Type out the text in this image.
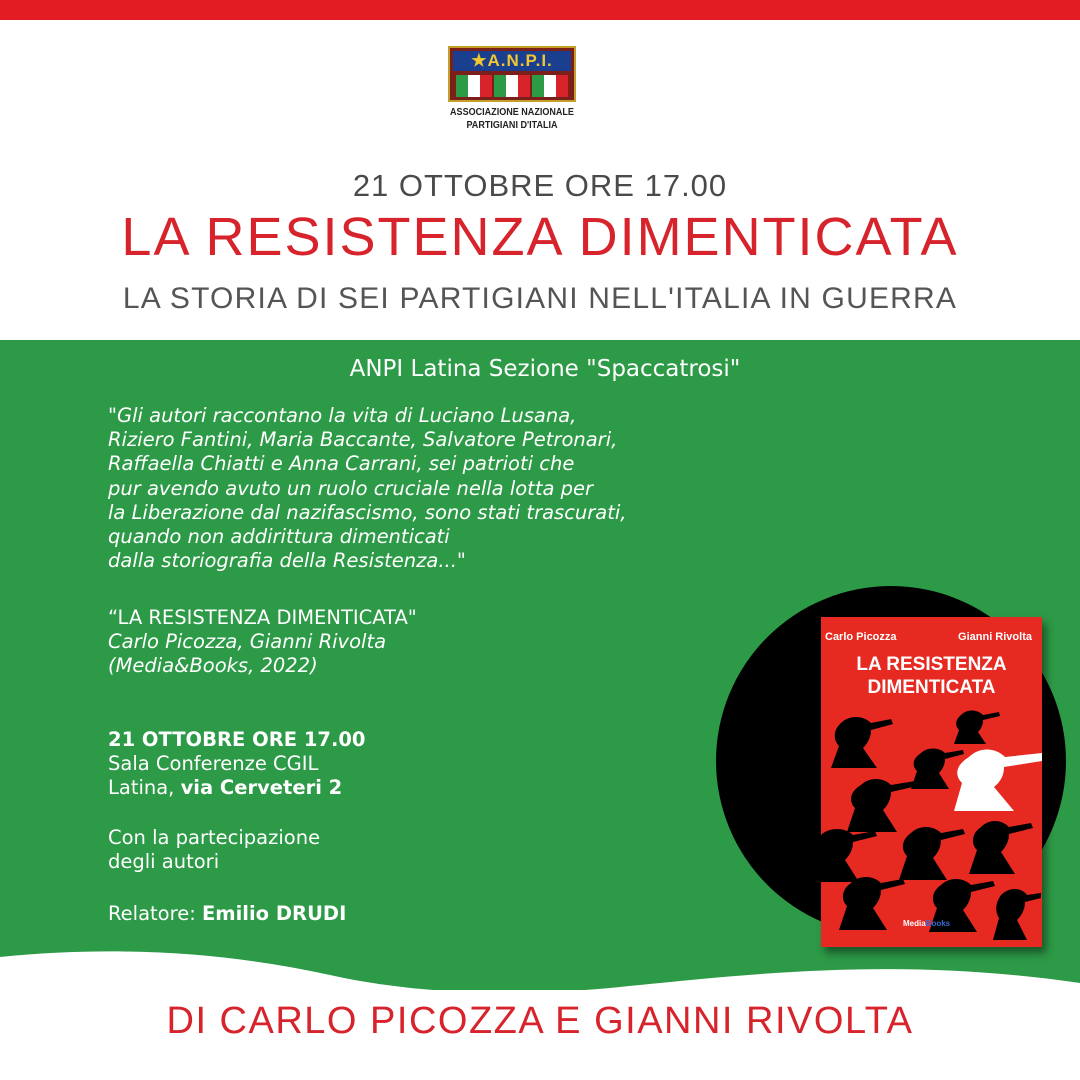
★A.N.P.I.
ASSOCIAZIONE NAZIONALE
PARTIGIANI D'ITALIA
21 OTTOBRE ORE 17.00
LA RESISTENZA DIMENTICATA
LA STORIA DI SEI PARTIGIANI NELL'ITALIA IN GUERRA
ANPI Latina Sezione "Spaccatrosi"
"Gli autori raccontano la vita di Luciano Lusana,
Riziero Fantini, Maria Baccante, Salvatore Petronari,
Raffaella Chiatti e Anna Carrani, sei patrioti che
pur avendo avuto un ruolo cruciale nella lotta per
la Liberazione dal nazifascismo, sono stati trascurati,
quando non addirittura dimenticati
dalla storiografia della Resistenza..."
“LA RESISTENZA DIMENTICATA"
Carlo Picozza, Gianni Rivolta
(Media&Books, 2022)
21 OTTOBRE ORE 17.00
Sala Conferenze CGIL
Latina, via Cerveteri 2
Con la partecipazione
degli autori
Relatore: Emilio DRUDI
Carlo Picozza	Gianni Rivolta
LA RESISTENZA
DIMENTICATA
MediaBooks
DI CARLO PICOZZA E GIANNI RIVOLTA
